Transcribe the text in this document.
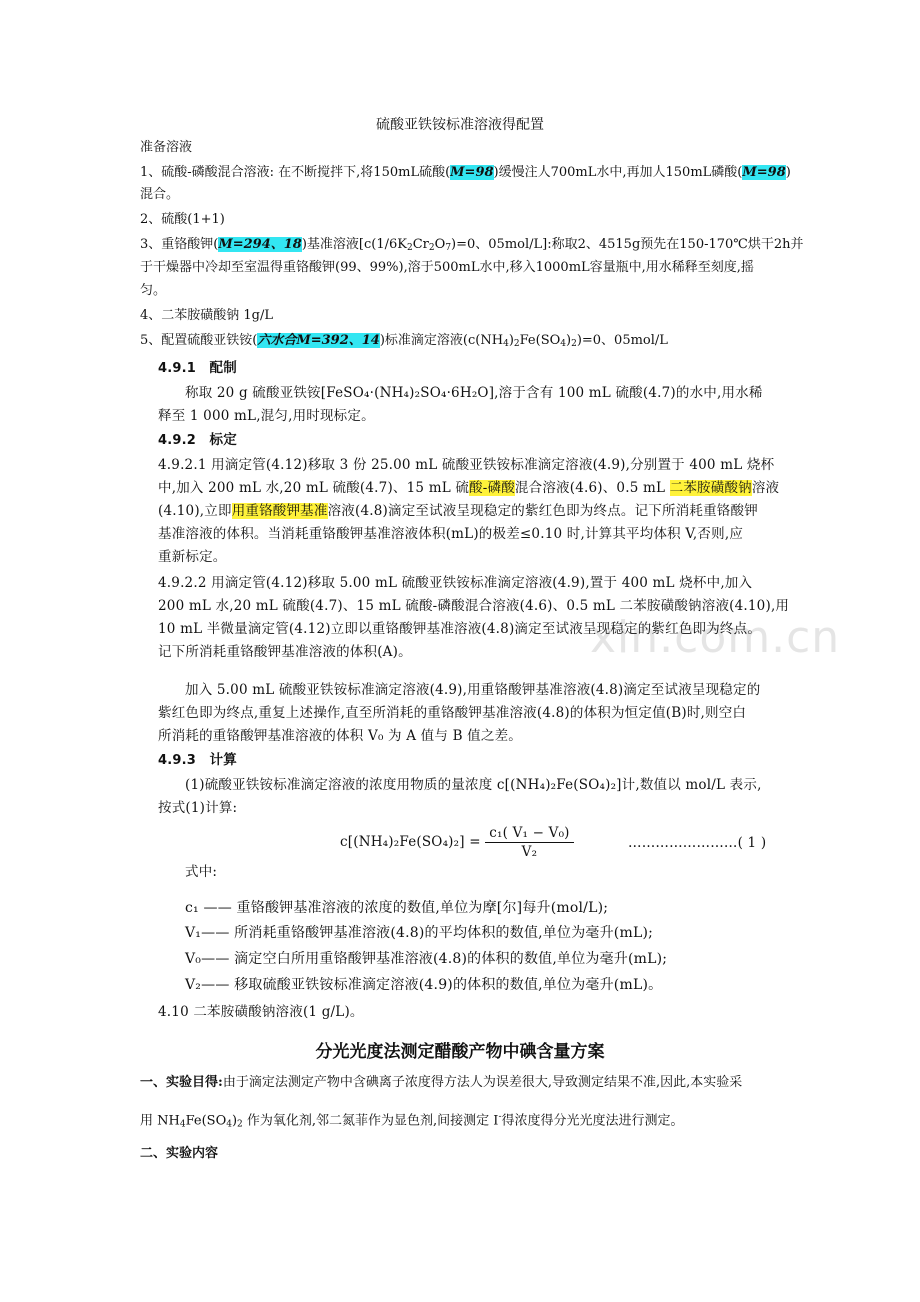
xin.com.cn
硫酸亚铁铵标准溶液得配置
准备溶液
1、硫酸-磷酸混合溶液: 在不断搅拌下,将150mL硫酸(M=98)缓慢注人700mL水中,再加人150mL磷酸(M=98)
混合。
2、硫酸(1+1)
3、重铬酸钾(M=294、18)基准溶液[$c(1/6K_2Cr_2O_7)=0$、05mol/L]:称取2、4515g预先在150-170℃烘干2h并
于干燥器中冷却至室温得重铬酸钾(99、99%),溶于500mL水中,移入1000mL容量瓶中,用水稀释至刻度,摇
匀。
4、二苯胺磺酸钠 1g/L
5、配置硫酸亚铁铵(六水合M=392、14)标准滴定溶液$(c(NH_4)_2Fe(SO_4)_2)=0$、05mol/L
4.9.1 配制
称取 20 g 硫酸亚铁铵[FeSO₄·(NH₄)₂SO₄·6H₂O],溶于含有 100 mL 硫酸(4.7)的水中,用水稀
释至 1 000 mL,混匀,用时现标定。
4.9.2 标定
4.9.2.1 用滴定管(4.12)移取 3 份 25.00 mL 硫酸亚铁铵标准滴定溶液(4.9),分别置于 400 mL 烧杯
中,加入 200 mL 水,20 mL 硫酸(4.7)、15 mL 硫酸-磷酸混合溶液(4.6)、0.5 mL 二苯胺磺酸钠溶液
(4.10),立即用重铬酸钾基准溶液(4.8)滴定至试液呈现稳定的紫红色即为终点。记下所消耗重铬酸钾
基准溶液的体积。当消耗重铬酸钾基准溶液体积(mL)的极差≤0.10 时,计算其平均体积 V,否则,应
重新标定。
4.9.2.2 用滴定管(4.12)移取 5.00 mL 硫酸亚铁铵标准滴定溶液(4.9),置于 400 mL 烧杯中,加入
200 mL 水,20 mL 硫酸(4.7)、15 mL 硫酸-磷酸混合溶液(4.6)、0.5 mL 二苯胺磺酸钠溶液(4.10),用
10 mL 半微量滴定管(4.12)立即以重铬酸钾基准溶液(4.8)滴定至试液呈现稳定的紫红色即为终点。
记下所消耗重铬酸钾基准溶液的体积(A)。
加入 5.00 mL 硫酸亚铁铵标准滴定溶液(4.9),用重铬酸钾基准溶液(4.8)滴定至试液呈现稳定的
紫红色即为终点,重复上述操作,直至所消耗的重铬酸钾基准溶液(4.8)的体积为恒定值(B)时,则空白
所消耗的重铬酸钾基准溶液的体积 V₀ 为 A 值与 B 值之差。
4.9.3 计算
(1)硫酸亚铁铵标准滴定溶液的浓度用物质的量浓度 c[(NH₄)₂Fe(SO₄)₂]计,数值以 mol/L 表示,
按式(1)计算:
$c[(NH_4)_2Fe(SO_4)_2] = \frac{\text{c₁( V₁ − V₀)}}{\text{V₂}}$	……………………( 1 )
式中:
c₁ —— 重铬酸钾基准溶液的浓度的数值,单位为摩[尔]每升(mol/L);
V₁—— 所消耗重铬酸钾基准溶液(4.8)的平均体积的数值,单位为毫升(mL);
V₀—— 滴定空白所用重铬酸钾基准溶液(4.8)的体积的数值,单位为毫升(mL);
V₂—— 移取硫酸亚铁铵标准滴定溶液(4.9)的体积的数值,单位为毫升(mL)。
4.10 二苯胺磺酸钠溶液(1 g/L)。
分光光度法测定醋酸产物中碘含量方案
一、实验目得:由于滴定法测定产物中含碘离子浓度得方法人为误差很大,导致测定结果不准,因此,本实验采
用 $NH_4Fe(SO_4)_2$ 作为氧化剂,邻二氮菲作为显色剂,间接测定 I-得浓度得分光光度法进行测定。
二、实验内容
